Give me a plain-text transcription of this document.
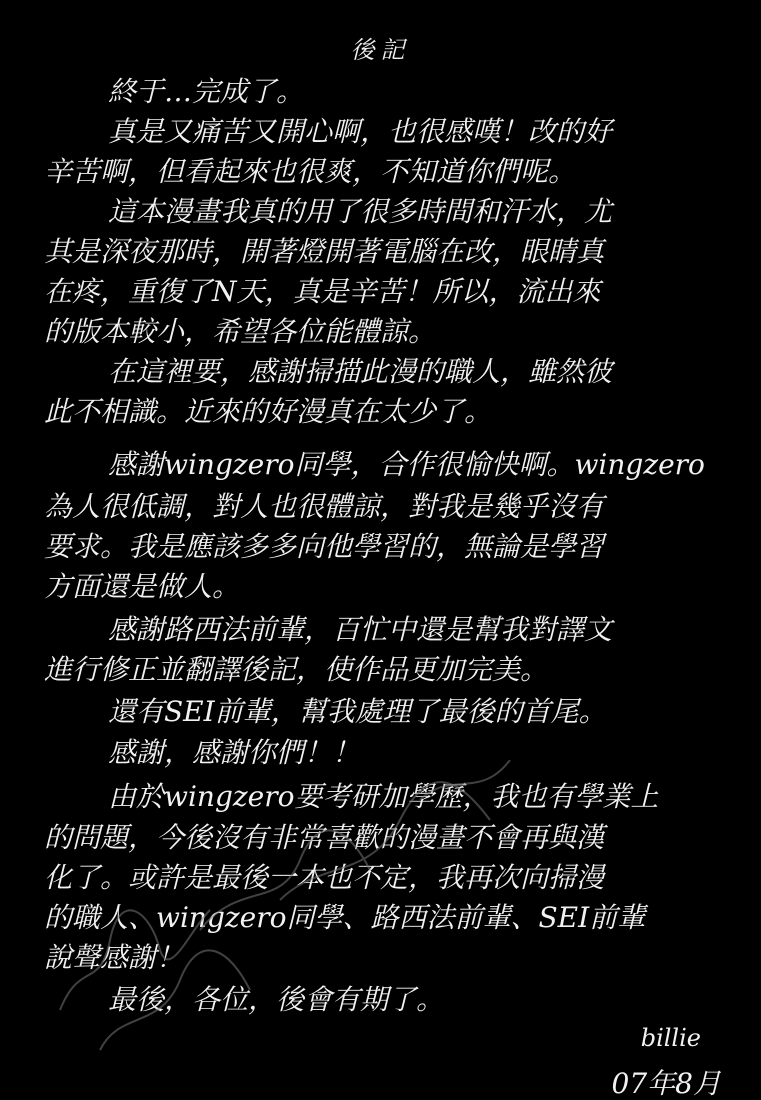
後記
終于…完成了。
真是又痛苦又開心啊，也很感嘆！改的好
辛苦啊，但看起來也很爽，不知道你們呢。
這本漫畫我真的用了很多時間和汗水，尤
其是深夜那時，開著燈開著電腦在改，眼睛真
在疼，重復了N天，真是辛苦！所以，流出來
的版本較小，希望各位能體諒。
在這裡要，感謝掃描此漫的職人，雖然彼
此不相識。近來的好漫真在太少了。
感謝wingzero同學，合作很愉快啊。wingzero
為人很低調，對人也很體諒，對我是幾乎沒有
要求。我是應該多多向他學習的，無論是學習
方面還是做人。
感謝路西法前輩，百忙中還是幫我對譯文
進行修正並翻譯後記，使作品更加完美。
還有SEI前輩，幫我處理了最後的首尾。
感謝，感謝你們！！
由於wingzero要考研加學歷，我也有學業上
的問題，今後沒有非常喜歡的漫畫不會再與漢
化了。或許是最後一本也不定，我再次向掃漫
的職人、wingzero同學、路西法前輩、SEI前輩
說聲感謝！
最後，各位，後會有期了。
billie
07年8月
